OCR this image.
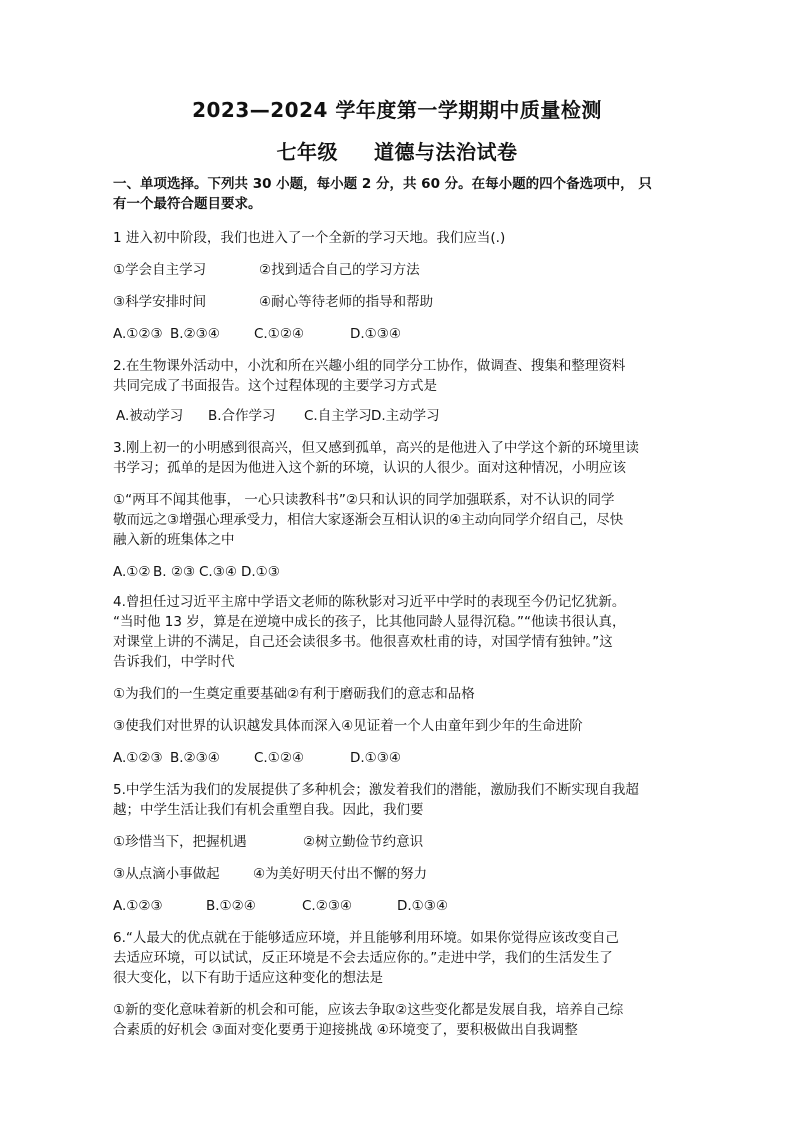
2023—2024 学年度第一学期期中质量检测
七年级 道德与法治试卷
一、单项选择。下列共 30 小题，每小题 2 分，共 60 分。在每小题的四个备选项中， 只
有一个最符合题目要求。
1 进入初中阶段，我们也进入了一个全新的学习天地。我们应当(.)
①学会自主学习	②找到适合自己的学习方法
③科学安排时间	④耐心等待老师的指导和帮助
A.①②③ B.②③④	C.①②④	D.①③④
2.在生物课外活动中，小沈和所在兴趣小组的同学分工协作，做调查、搜集和整理资料
共同完成了书面报告。这个过程体现的主要学习方式是
A.被动学习 B.合作学习 C.自主学习D.主动学习
3.刚上初一的小明感到很高兴，但又感到孤单，高兴的是他进入了中学这个新的环境里读
书学习；孤单的是因为他进入这个新的环境，认识的人很少。面对这种情况，小明应该
①“两耳不闻其他事， 一心只读教科书”②只和认识的同学加强联系，对不认识的同学
敬而远之③增强心理承受力，相信大家逐渐会互相认识的④主动向同学介绍自己，尽快
融入新的班集体之中
A.①② B. ②③ C.③④ D.①③
4.曾担任过习近平主席中学语文老师的陈秋影对习近平中学时的表现至今仍记忆犹新。
“当时他 13 岁，算是在逆境中成长的孩子，比其他同龄人显得沉稳。”“他读书很认真，
对课堂上讲的不满足，自己还会读很多书。他很喜欢杜甫的诗，对国学情有独钟。”这
告诉我们，中学时代
①为我们的一生奠定重要基础②有利于磨砺我们的意志和品格
③使我们对世界的认识越发具体而深入④见证着一个人由童年到少年的生命进阶
A.①②③ B.②③④	C.①②④	D.①③④
5.中学生活为我们的发展提供了多种机会；激发着我们的潜能，激励我们不断实现自我超
越；中学生活让我们有机会重塑自我。因此，我们要
①珍惜当下，把握机遇	②树立勤俭节约意识
③从点滴小事做起 ④为美好明天付出不懈的努力
A.①②③	B.①②④	C.②③④	D.①③④
6.“人最大的优点就在于能够适应环境，并且能够利用环境。如果你觉得应该改变自己
去适应环境，可以试试，反正环境是不会去适应你的。”走进中学，我们的生活发生了
很大变化，以下有助于适应这种变化的想法是
①新的变化意味着新的机会和可能，应该去争取②这些变化都是发展自我，培养自己综
合素质的好机会 ③面对变化要勇于迎接挑战 ④环境变了，要积极做出自我调整
